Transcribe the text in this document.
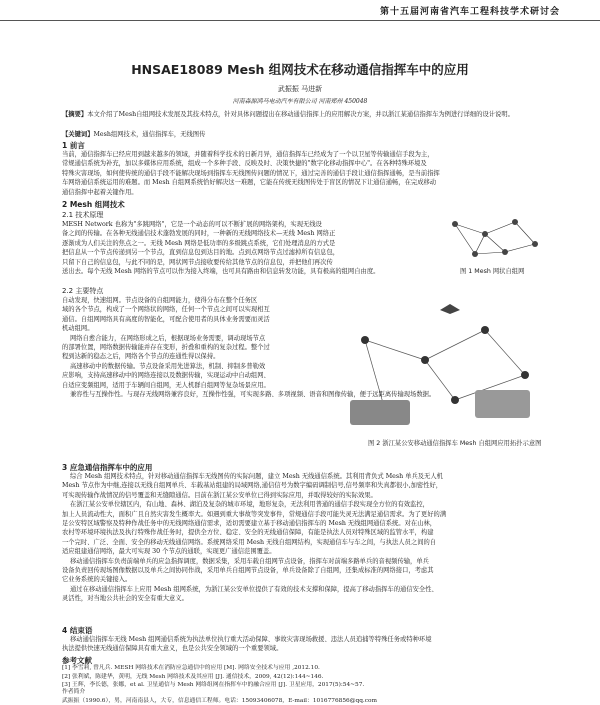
第十五届河南省汽车工程科技学术研讨会
HNSAE18089 Mesh 组网技术在移动通信指挥车中的应用
武振振 马进新
河南森源鸿马电动汽车有限公司 河南郑州 450048
【摘要】本文介绍了Mesh自组网技术发展及其技术特点，针对具体问题提出在移动通信指挥上的应用解决方案，并以浙江某通信指挥车为例进行详细的设计说明。
【关键词】Mesh组网技术，通信指挥车，无线图传
1 前言
当前，通信指挥车已经应用到越来越多的领域，并随着科学技术的日新月异，通信指挥车已经成为了一个以卫星等传输通信手段为主，
常规通信系统为补充，加以多媒体应用系统，组成一个多种手段、反映及时、决策快捷的"数字化移动指挥中心"。在各种特殊环境及
特殊灾害现场，如何使传统的通信手段不能解决现场到指挥车无线图传问题的情况下，通过完善的通信手段让通信指挥通畅，是当前指挥
车网络通信系统运用的难题。而 Mesh 自组网系统恰好解决这一难题，它能在传统无线图传处于盲区的情况下让通信通畅，在完成移动
通信指挥中起着关键作用。
2 Mesh 组网技术
2.1 技术原理
MESH Network 也称为"多跳网络"，它是一个动态的可以不断扩展的网络架构，实现无线设
备之间的传输。在各种无线通信技术蓬勃发展的同时，一种新的无线网络技术—无线 Mesh 网络正
逐渐成为人们关注的焦点之一。无线 Mesh 网络是低功率的多级跳点系统，它们处理消息的方式是
把信息从一个节点传递到另一个节点，直到信息包到达目的地。点到点网络节点过滤掉所有信息包，
只留下自己的信息包，与此不同的是，网状网节点接收要传给其他节点的信息包，并把他们再次传
送出去。每个无线 Mesh 网络的节点可以作为接入终端，也可具有路由和信息转发功能，具有极高的组网自由度。	图 1 Mesh 网状自组网
2.2 主要特点
自动发现，快速组网。节点设备的自组网能力，使得分布在整个任务区
域的各个节点，构成了一个网络状的网络，任何一个节点之间可以实现相互
通信。自组网网络具有高度的智能化，可配合使用者的具体业务需要而灵活
机动组网。
网络自愈合能力，在网络形成之后，根据现场业务需要，调动现场节点
的部署位置，网络数据传输能并存在变形，折叠和重构的复杂过程。整个过
程到达新的稳态之后，网络各个节点的连通性得以保持。
高速移动中的数据传输。节点设备采用先进算法，机制、抑制多普勒效
应影响，支持高速移动中的网络连接以及数据传输，实现运动中自动组网、
自适应变频组网，适用于车辆间自组网，无人机群自组网等复杂场景应用。
兼容性与互操作性。与现存无线网络兼容良好，互操作性强，可实现多路、多项视频、语音和图像传输，便于远距离传输现场数据。
图 2 浙江某公安移动通信指挥车 Mesh 自组网应用拓扑示意图
3 应急通信指挥车中的应用
综合 Mesh 组网技术特点，针对移动通信指挥车无线图传的实际问题，建立 Mesh 无线通信系统。其利用背负式 Mesh 单兵及无人机
Mesh 节点作为中继,连接以无线自组网单兵、车载基站组建的局域网络,通信信号为数字编码调制信号,信号频率和失真都很小,加密性好，
可实现传输作战情况的信号覆盖和无缝隙通信。目前在浙江某公安单位已得到实际应用，并取得较好的实际效果。
在浙江某公安单位辖区内，有山地、森林、湖泊及复杂的城市环境，地形复杂，无法利用普通的通信手段实现全方位的有效监控，
加上人员流动性大，面积广且自然灾害发生概率大。如遇到重大事故等突发事件，常规通信手段可能失灵无法满足通信需求。为了更好的满
足公安特区域警察及特种作战任务中的无线网络通信需求，适切需要建立基于移动通信指挥车的 Mesh 无线组网通信系统。对在山林，
农村等环境环境执法及执行特殊作战任务时，提供全方位、稳定、安全的无线通信保障，有能是执法人员对特殊区域的监管水平，构建
一个完时、广泛、全面、安全的移动无线通信网络。系统网络采用 Mesh 无线自组网结构，实现通信车与车之间，与执法人员之间的自
适应组建通信网络，最大可实现 30 个节点的通联，实现更广通信范围覆盖。
移动通信指挥车负责前端单兵的应急指挥调度，数据采集，采用车载自组网节点设备，指挥车对前端多路单兵的音视频传输，单兵
设备负责回传现场图像数据以及单兵之间协同作战，采用单兵自组网节点设备，单兵设备除了自组网，还集成标准的网络接口，考虑其
它业务系统的关键接入。
通过在移动通信指挥车上应用 Mesh 组网系统，为浙江某公安单位提供了有效的技术支撑和保障，提高了移动指挥车的通信安全性、
灵活性，对当地公共社会的安全有重大意义。
4 结束语
移动通信指挥车无线 Mesh 组网通信系统为执法单位执行重大活动保障、事故灾害现场救援、违法人员追捕等特殊任务或特种环境
执法提供快速无线通信保障具有重大意义，也是公共安全领域的一个重要领域。
参考文献
[1] 李雪莉, 曾凡兵. MESH 网络技术在消防应急通信中的应用 [M]. 网络安全技术与应用 ,2012.10.
[2] 张利斌，陈建华，黄明，无线 Mesh 网络技术及其应用 [J]. 通信技术，2009, 42(12):144~146.
[3] 王辉，李长德，张娜，et al. 卫星通信与 Mesh 网络组网在指挥车中的融合应用 [J]. 卫星应用，2017(5):54~57.
作者简介
武振振（1990.6），男，河南南县人，大专，信息通信工程师。电话：15093406078，E-mail：1016776856@qq.com
